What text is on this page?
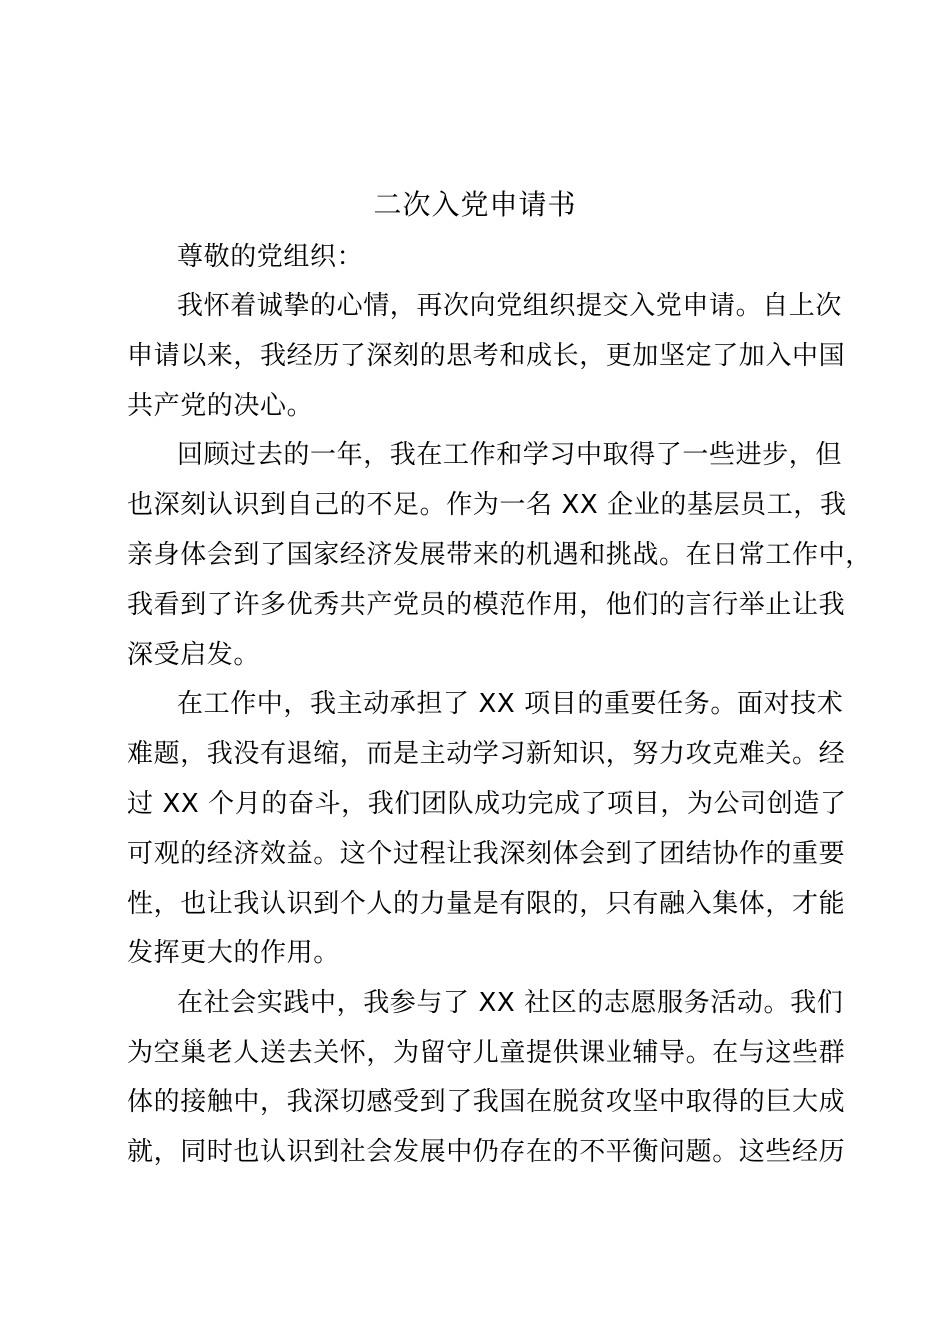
二次入党申请书
尊敬的党组织：
我怀着诚挚的心情，再次向党组织提交入党申请。自上次
申请以来，我经历了深刻的思考和成长，更加坚定了加入中国
共产党的决心。
回顾过去的一年，我在工作和学习中取得了一些进步，但
也深刻认识到自己的不足。作为一名 XX 企业的基层员工，我
亲身体会到了国家经济发展带来的机遇和挑战。在日常工作中，
我看到了许多优秀共产党员的模范作用，他们的言行举止让我
深受启发。
在工作中，我主动承担了 XX 项目的重要任务。面对技术
难题，我没有退缩，而是主动学习新知识，努力攻克难关。经
过 XX 个月的奋斗，我们团队成功完成了项目，为公司创造了
可观的经济效益。这个过程让我深刻体会到了团结协作的重要
性，也让我认识到个人的力量是有限的，只有融入集体，才能
发挥更大的作用。
在社会实践中，我参与了 XX 社区的志愿服务活动。我们
为空巢老人送去关怀，为留守儿童提供课业辅导。在与这些群
体的接触中，我深切感受到了我国在脱贫攻坚中取得的巨大成
就，同时也认识到社会发展中仍存在的不平衡问题。这些经历
